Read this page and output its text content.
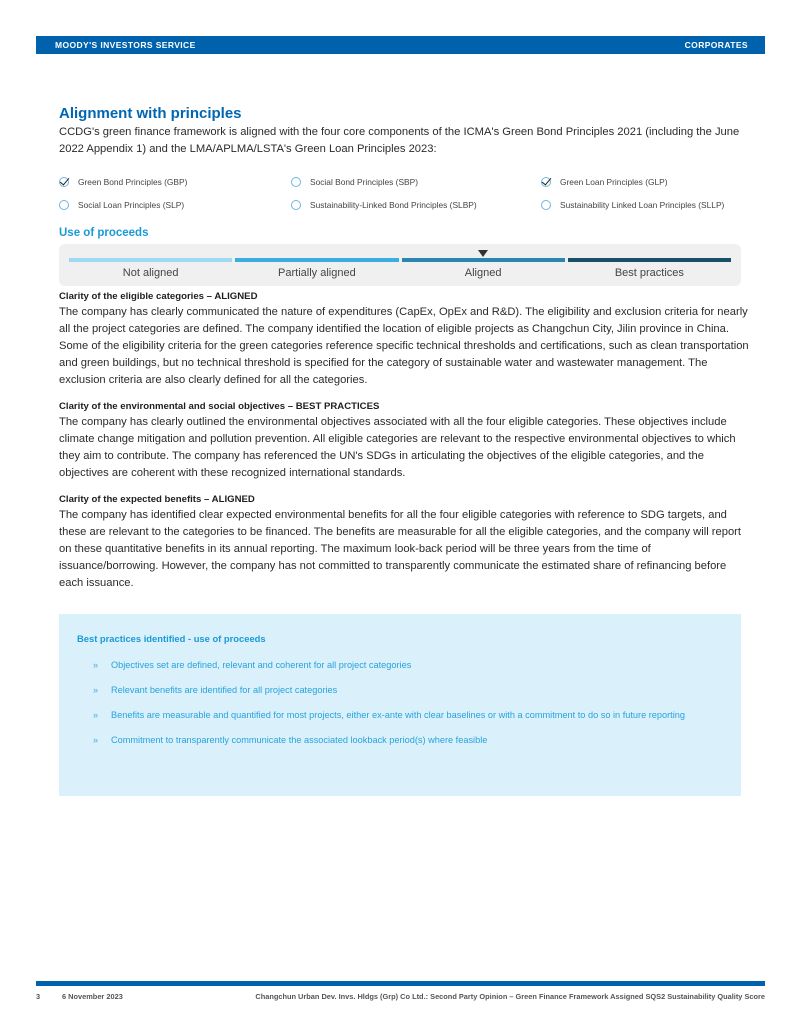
MOODY'S INVESTORS SERVICE	CORPORATES
Alignment with principles

CCDG's green finance framework is aligned with the four core components of the ICMA's Green Bond Principles 2021 (including the June 2022 Appendix 1) and the LMA/APLMA/LSTA's Green Loan Principles 2023:

Green Bond Principles (GBP)	Social Bond Principles (SBP)	Green Loan Principles (GLP)
Social Loan Principles (SLP)	Sustainability-Linked Bond Principles (SLBP)	Sustainability Linked Loan Principles (SLLP)
Use of proceeds
Not aligned	Partially aligned	Aligned	Best practices
Clarity of the eligible categories – ALIGNED

The company has clearly communicated the nature of expenditures (CapEx, OpEx and R&D). The eligibility and exclusion criteria for nearly all the project categories are defined. The company identified the location of eligible projects as Changchun City, Jilin province in China. Some of the eligibility criteria for the green categories reference specific technical thresholds and certifications, such as clean transportation and green buildings, but no technical threshold is specified for the category of sustainable water and wastewater management. The exclusion criteria are also clearly defined for all the categories.

Clarity of the environmental and social objectives – BEST PRACTICES

The company has clearly outlined the environmental objectives associated with all the four eligible categories. These objectives include climate change mitigation and pollution prevention. All eligible categories are relevant to the respective environmental objectives to which they aim to contribute. The company has referenced the UN's SDGs in articulating the objectives of the eligible categories, and the objectives are coherent with these recognized international standards.

Clarity of the expected benefits – ALIGNED

The company has identified clear expected environmental benefits for all the four eligible categories with reference to SDG targets, and these are relevant to the categories to be financed. The benefits are measurable for all the eligible categories, and the company will report on these quantitative benefits in its annual reporting. The maximum look-back period will be three years from the time of issuance/borrowing. However, the company has not committed to transparently communicate the estimated share of refinancing before each issuance.

Best practices identified - use of proceeds
»	Objectives set are defined, relevant and coherent for all project categories
»	Relevant benefits are identified for all project categories
»	Benefits are measurable and quantified for most projects, either ex-ante with clear baselines or with a commitment to do so in future reporting
»	Commitment to transparently communicate the associated lookback period(s) where feasible
3	6 November 2023	Changchun Urban Dev. Invs. Hldgs (Grp) Co Ltd.: Second Party Opinion – Green Finance Framework Assigned SQS2 Sustainability Quality Score
